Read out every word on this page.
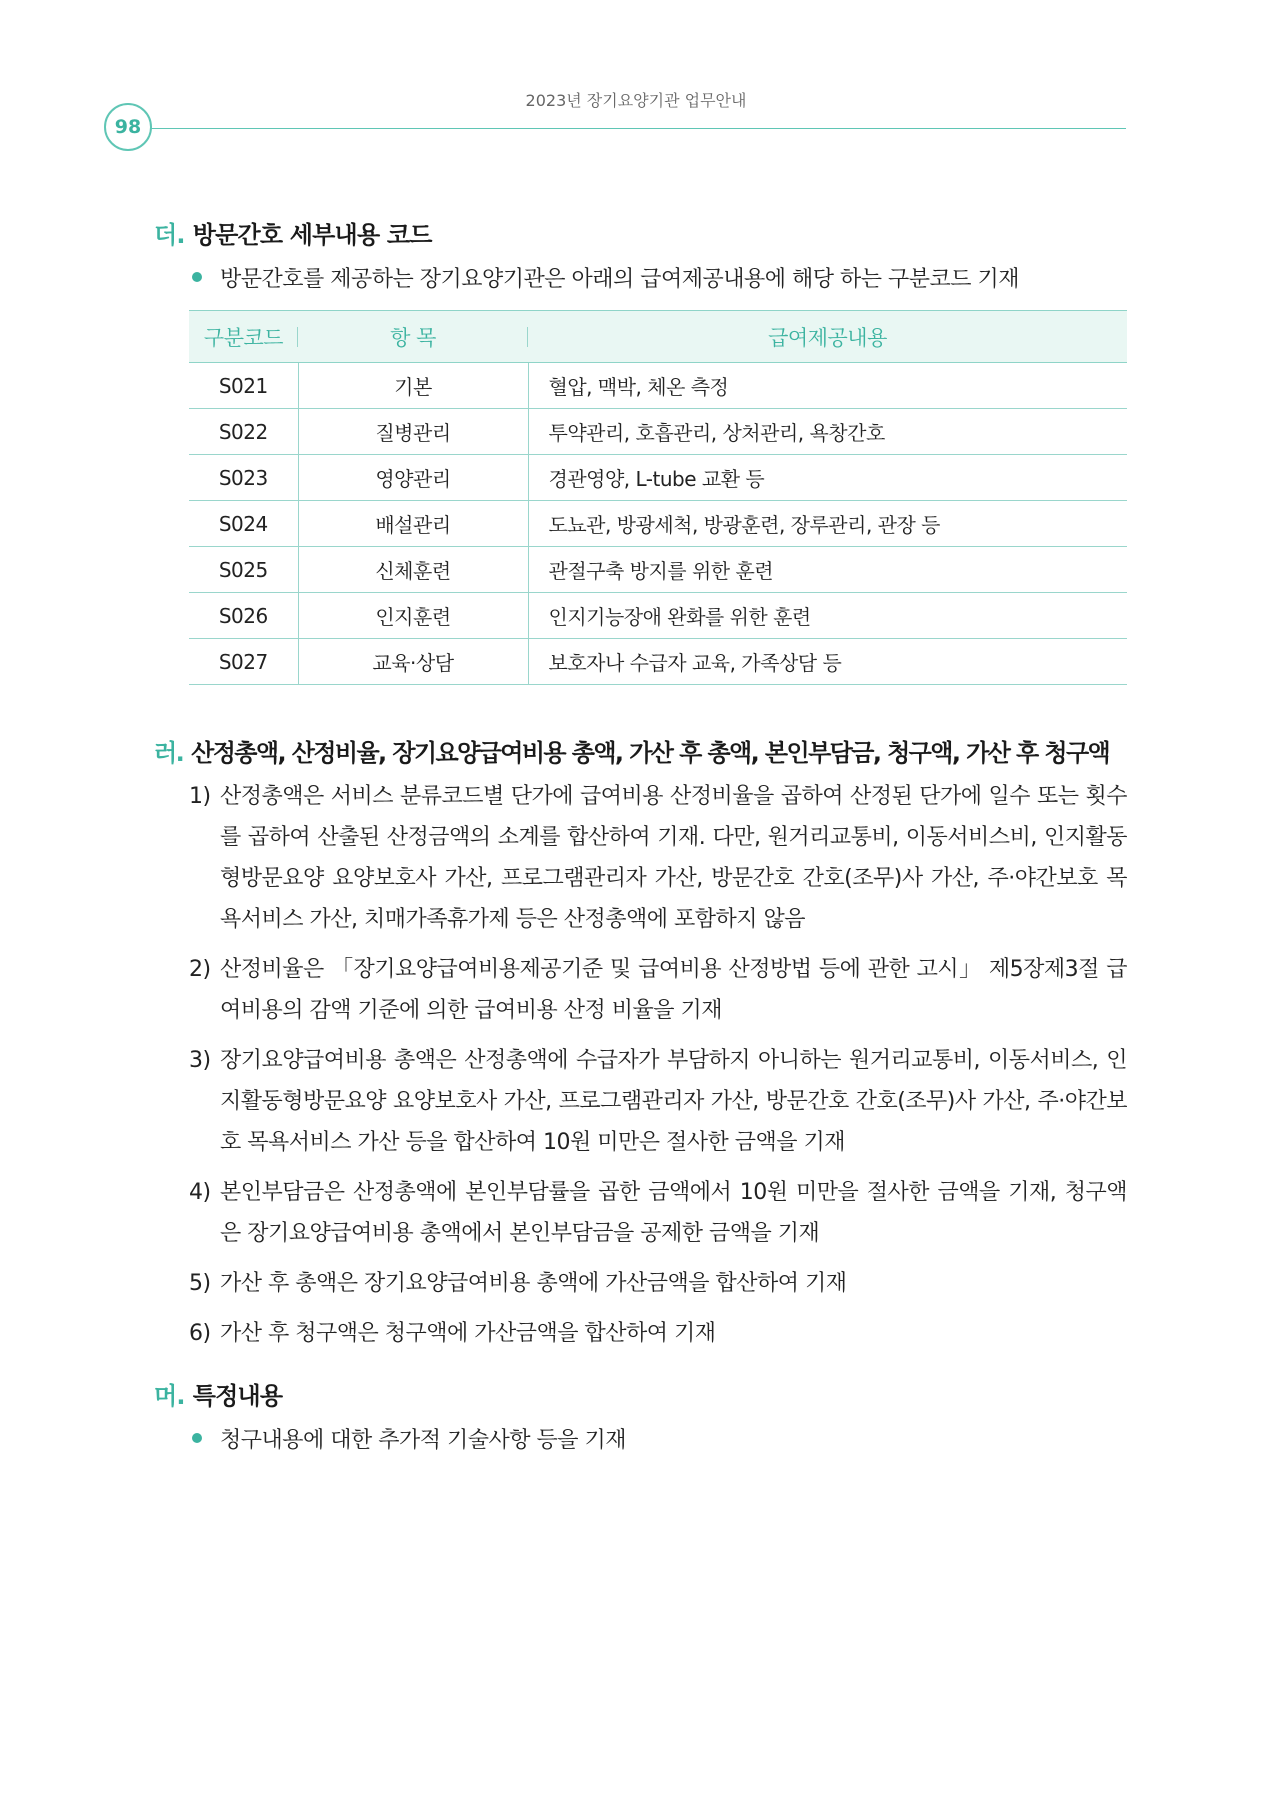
2023년 장기요양기관 업무안내
98
더. 방문간호 세부내용 코드
방문간호를 제공하는 장기요양기관은 아래의 급여제공내용에 해당 하는 구분코드 기재
구분코드	항 목	급여제공내용
S021	기본	혈압, 맥박, 체온 측정
S022	질병관리	투약관리, 호흡관리, 상처관리, 욕창간호
S023	영양관리	경관영양, L-tube 교환 등
S024	배설관리	도뇨관, 방광세척, 방광훈련, 장루관리, 관장 등
S025	신체훈련	관절구축 방지를 위한 훈련
S026	인지훈련	인지기능장애 완화를 위한 훈련
S027	교육·상담	보호자나 수급자 교육, 가족상담 등
러. 산정총액, 산정비율, 장기요양급여비용 총액, 가산 후 총액, 본인부담금, 청구액, 가산 후 청구액
1) 산정총액은 서비스 분류코드별 단가에 급여비용 산정비율을 곱하여 산정된 단가에 일수 또는 횟수를 곱하여 산출된 산정금액의 소계를 합산하여 기재. 다만, 원거리교통비, 이동서비스비, 인지활동형방문요양 요양보호사 가산, 프로그램관리자 가산, 방문간호 간호(조무)사 가산, 주·야간보호 목욕서비스 가산, 치매가족휴가제 등은 산정총액에 포함하지 않음
2) 산정비율은 「장기요양급여비용제공기준 및 급여비용 산정방법 등에 관한 고시」 제5장제3절 급여비용의 감액 기준에 의한 급여비용 산정 비율을 기재
3) 장기요양급여비용 총액은 산정총액에 수급자가 부담하지 아니하는 원거리교통비, 이동서비스, 인지활동형방문요양 요양보호사 가산, 프로그램관리자 가산, 방문간호 간호(조무)사 가산, 주·야간보호 목욕서비스 가산 등을 합산하여 10원 미만은 절사한 금액을 기재
4) 본인부담금은 산정총액에 본인부담률을 곱한 금액에서 10원 미만을 절사한 금액을 기재, 청구액은 장기요양급여비용 총액에서 본인부담금을 공제한 금액을 기재
5) 가산 후 총액은 장기요양급여비용 총액에 가산금액을 합산하여 기재
6) 가산 후 청구액은 청구액에 가산금액을 합산하여 기재
머. 특정내용
청구내용에 대한 추가적 기술사항 등을 기재
